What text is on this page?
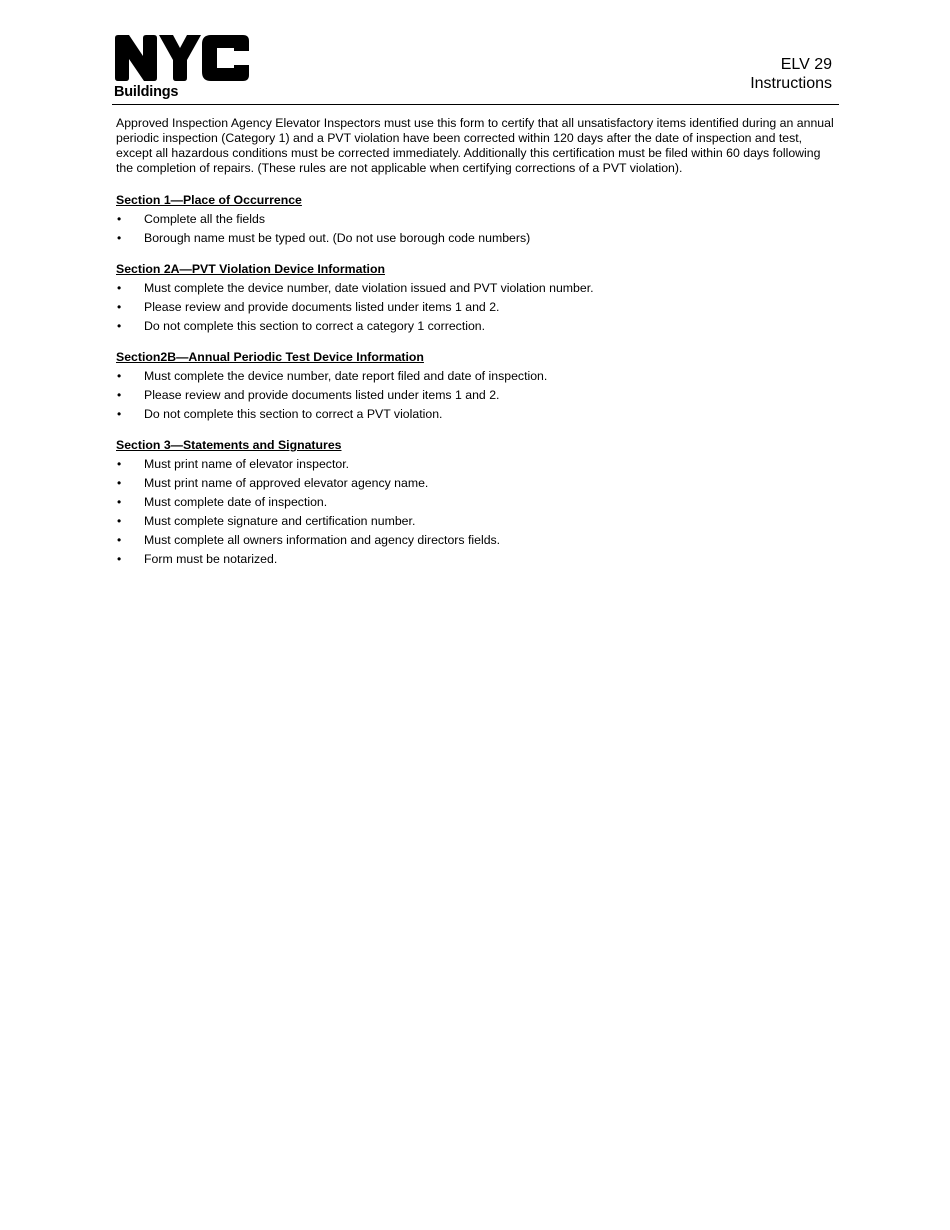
™
Buildings
ELV 29
Instructions

Approved Inspection Agency Elevator Inspectors must use this form to certify that all unsatisfactory items identified during an annual periodic inspection (Category 1) and a PVT violation have been corrected within 120 days after the date of inspection and test, except all hazardous conditions must be corrected immediately. Additionally this certification must be filed within 60 days following the completion of repairs. (These rules are not applicable when certifying corrections of a PVT violation).

Section 1—Place of Occurrence
• Complete all the fields
• Borough name must be typed out. (Do not use borough code numbers)
Section 2A—PVT Violation Device Information
• Must complete the device number, date violation issued and PVT violation number.
• Please review and provide documents listed under items 1 and 2.
• Do not complete this section to correct a category 1 correction.
Section2B—Annual Periodic Test Device Information
• Must complete the device number, date report filed and date of inspection.
• Please review and provide documents listed under items 1 and 2.
• Do not complete this section to correct a PVT violation.
Section 3—Statements and Signatures
• Must print name of elevator inspector.
• Must print name of approved elevator agency name.
• Must complete date of inspection.
• Must complete signature and certification number.
• Must complete all owners information and agency directors fields.
• Form must be notarized.
